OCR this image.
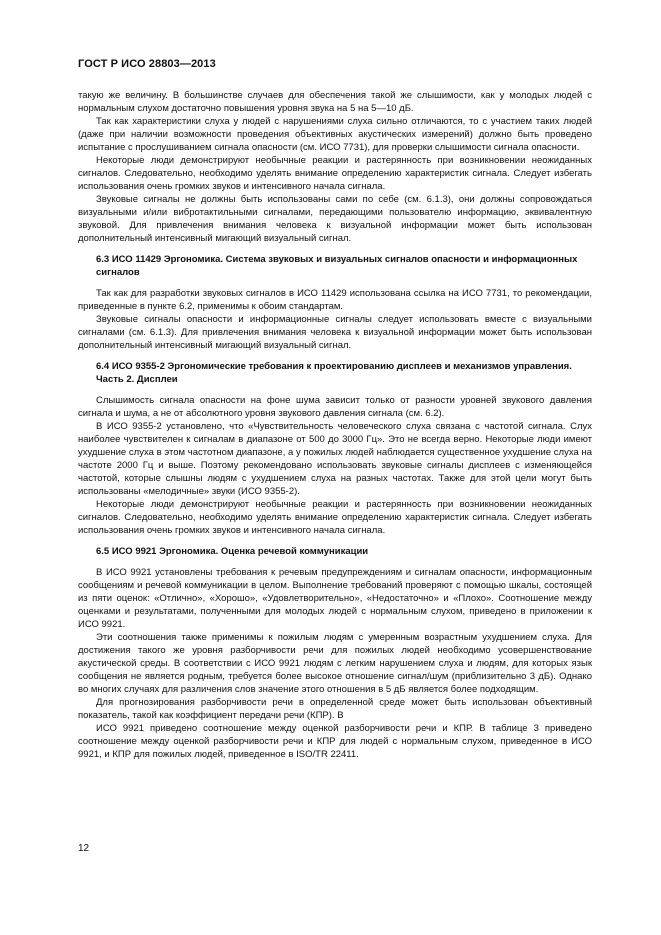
ГОСТ Р ИСО 28803—2013

такую же величину. В большинстве случаев для обеспечения такой же слышимости, как у молодых людей с нормальным слухом достаточно повышения уровня звука на 5 на 5—10 дБ.

Так как характеристики слуха у людей с нарушениями слуха сильно отличаются, то с участием таких людей (даже при наличии возможности проведения объективных акустических измерений) должно быть проведено испытание с прослушиванием сигнала опасности (см. ИСО 7731), для проверки слышимости сигнала опасности.

Некоторые люди демонстрируют необычные реакции и растерянность при возникновении неожиданных сигналов. Следовательно, необходимо уделять внимание определению характеристик сигнала. Следует избегать использования очень громких звуков и интенсивного начала сигнала.

Звуковые сигналы не должны быть использованы сами по себе (см. 6.1.3), они должны сопровождаться визуальными и/или вибротактильными сигналами, передающими пользователю информацию, эквивалентную звуковой. Для привлечения внимания человека к визуальной информации может быть использован дополнительный интенсивный мигающий визуальный сигнал.

6.3 ИСО 11429 Эргономика. Система звуковых и визуальных сигналов опасности и информационных сигналов

Так как для разработки звуковых сигналов в ИСО 11429 использована ссылка на ИСО 7731, то рекомендации, приведенные в пункте 6.2, применимы к обоим стандартам.

Звуковые сигналы опасности и информационные сигналы следует использовать вместе с визуальными сигналами (см. 6.1.3). Для привлечения внимания человека к визуальной информации может быть использован дополнительный интенсивный мигающий визуальный сигнал.

6.4 ИСО 9355-2 Эргономические требования к проектированию дисплеев и механизмов управления. Часть 2. Дисплеи

Слышимость сигнала опасности на фоне шума зависит только от разности уровней звукового давления сигнала и шума, а не от абсолютного уровня звукового давления сигнала (см. 6.2).

В ИСО 9355-2 установлено, что «Чувствительность человеческого слуха связана с частотой сигнала. Слух наиболее чувствителен к сигналам в диапазоне от 500 до 3000 Гц». Это не всегда верно. Некоторые люди имеют ухудшение слуха в этом частотном диапазоне, а у пожилых людей наблюдается существенное ухудшение слуха на частоте 2000 Гц и выше. Поэтому рекомендовано использовать звуковые сигналы дисплеев с изменяющейся частотой, которые слышны людям с ухудшением слуха на разных частотах. Также для этой цели могут быть использованы «мелодичные» звуки (ИСО 9355-2).

Некоторые люди демонстрируют необычные реакции и растерянность при возникновении неожиданных сигналов. Следовательно, необходимо уделять внимание определению характеристик сигнала. Следует избегать использования очень громких звуков и интенсивного начала сигнала.

6.5 ИСО 9921 Эргономика. Оценка речевой коммуникации

В ИСО 9921 установлены требования к речевым предупреждениям и сигналам опасности, информационным сообщениям и речевой коммуникации в целом. Выполнение требований проверяют с помощью шкалы, состоящей из пяти оценок: «Отлично», «Хорошо», «Удовлетворительно», «Недостаточно» и «Плохо». Соотношение между оценками и результатами, полученными для молодых людей с нормальным слухом, приведено в приложении к ИСО 9921.

Эти соотношения также применимы к пожилым людям с умеренным возрастным ухудшением слуха. Для достижения такого же уровня разборчивости речи для пожилых людей необходимо усовершенствование акустической среды. В соответствии с ИСО 9921 людям с легким нарушением слуха и людям, для которых язык сообщения не является родным, требуется более высокое отношение сигнал/шум (приблизительно 3 дБ). Однако во многих случаях для различения слов значение этого отношения в 5 дБ является более подходящим.

Для прогнозирования разборчивости речи в определенной среде может быть использован объективный показатель, такой как коэффициент передачи речи (КПР). В

ИСО 9921 приведено соотношение между оценкой разборчивости речи и КПР. В таблице 3 приведено соотношение между оценкой разборчивости речи и КПР для людей с нормальным слухом, приведенное в ИСО 9921, и КПР для пожилых людей, приведенное в ISO/TR 22411.

12
